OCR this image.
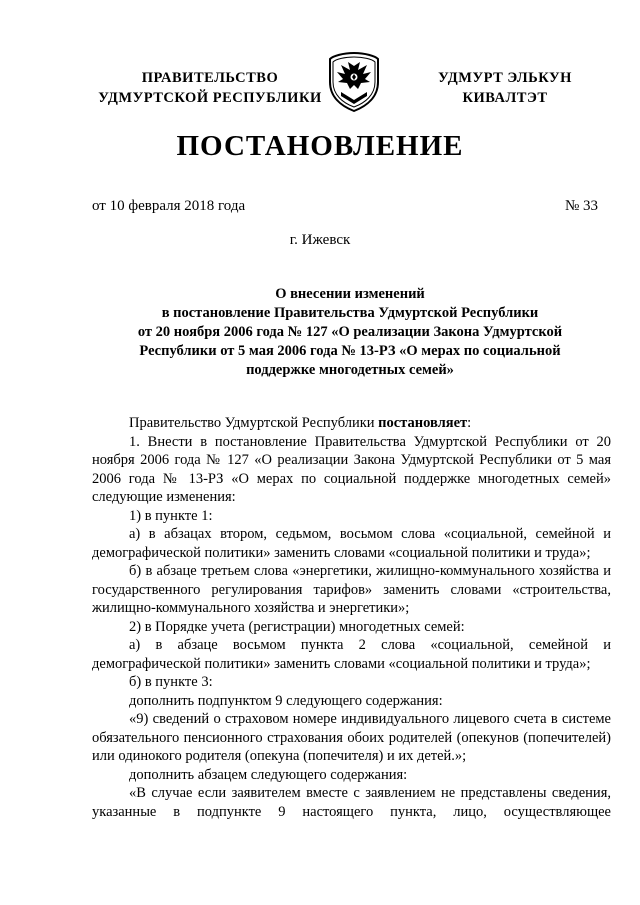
ПРАВИТЕЛЬСТВО
УДМУРТСКОЙ РЕСПУБЛИКИ
УДМУРТ ЭЛЬКУН
КИВАЛТЭТ
ПОСТАНОВЛЕНИЕ
от 10 февраля 2018 года	№ 33
г. Ижевск
О внесении изменений
в постановление Правительства Удмуртской Республики
от 20 ноября 2006 года № 127 «О реализации Закона Удмуртской
Республики от 5 мая 2006 года № 13-РЗ «О мерах по социальной
поддержке многодетных семей»

Правительство Удмуртской Республики постановляет:

1. Внести в постановление Правительства Удмуртской Республики от 20 ноября 2006 года № 127 «О реализации Закона Удмуртской Республики от 5 мая 2006 года № 13-РЗ «О мерах по социальной поддержке многодетных семей» следующие изменения:

1) в пункте 1:

а) в абзацах втором, седьмом, восьмом слова «социальной, семейной и демографической политики» заменить словами «социальной политики и труда»;

б) в абзаце третьем слова «энергетики, жилищно-коммунального хозяйства и государственного регулирования тарифов» заменить словами «строительства, жилищно-коммунального хозяйства и энергетики»;

2) в Порядке учета (регистрации) многодетных семей:

а) в абзаце восьмом пункта 2 слова «социальной, семейной и демографической политики» заменить словами «социальной политики и труда»;

б) в пункте 3:

дополнить подпунктом 9 следующего содержания:

«9) сведений о страховом номере индивидуального лицевого счета в системе обязательного пенсионного страхования обоих родителей (опекунов (попечителей) или одинокого родителя (опекуна (попечителя) и их детей.»;

дополнить абзацем следующего содержания:

«В случае если заявителем вместе с заявлением не представлены сведения, указанные в подпункте 9 настоящего пункта, лицо, осуществляющее
